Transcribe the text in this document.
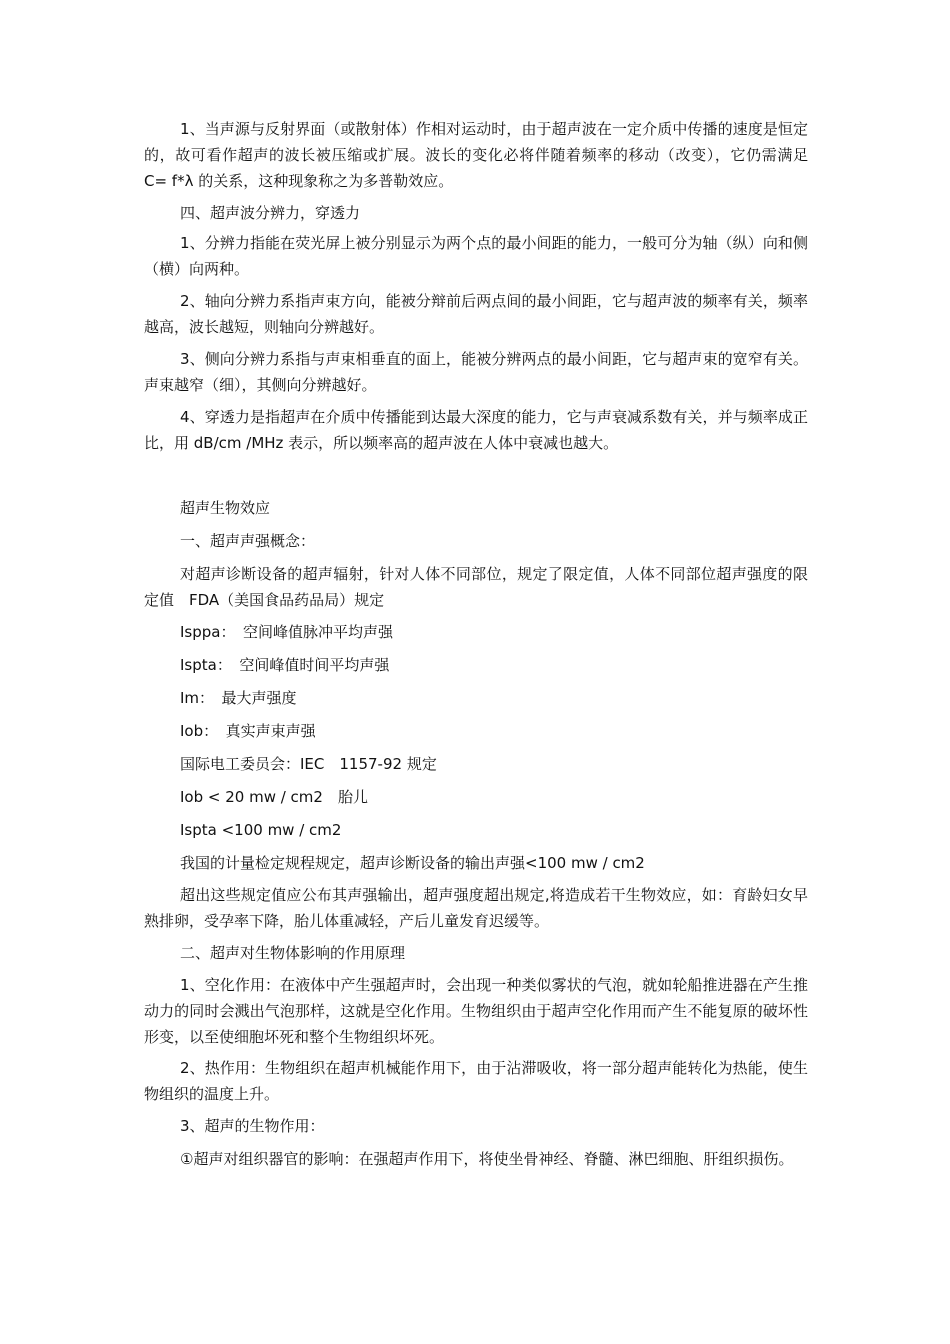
1、当声源与反射界面（或散射体）作相对运动时，由于超声波在一定介质中传播的速度是恒定的，故可看作超声的波长被压缩或扩展。波长的变化必将伴随着频率的移动（改变），它仍需满足 C= f*λ 的关系，这种现象称之为多普勒效应。

四、超声波分辨力，穿透力

1、分辨力指能在荧光屏上被分别显示为两个点的最小间距的能力，一般可分为轴（纵）向和侧（横）向两种。

2、轴向分辨力系指声束方向，能被分辩前后两点间的最小间距，它与超声波的频率有关，频率越高，波长越短，则轴向分辨越好。

3、侧向分辨力系指与声束相垂直的面上，能被分辨两点的最小间距，它与超声束的宽窄有关。声束越窄（细），其侧向分辨越好。

4、穿透力是指超声在介质中传播能到达最大深度的能力，它与声衰减系数有关，并与频率成正比，用 dB/cm /MHz 表示，所以频率高的超声波在人体中衰减也越大。

超声生物效应

一、超声声强概念：

对超声诊断设备的超声辐射，针对人体不同部位，规定了限定值，人体不同部位超声强度的限定值　FDA（美国食品药品局）规定

Isppa：　空间峰值脉冲平均声强

Ispta：　空间峰值时间平均声强

Im：　最大声强度

Iob：　真实声束声强

国际电工委员会：IEC　1157-92 规定

Iob < 20 mw / cm2　胎儿

Ispta <100 mw / cm2

我国的计量检定规程规定，超声诊断设备的输出声强<100 mw / cm2

超出这些规定值应公布其声强输出，超声强度超出规定,将造成若干生物效应，如：育龄妇女早熟排卵，受孕率下降，胎儿体重减轻，产后儿童发育迟缓等。

二、超声对生物体影响的作用原理

1、空化作用：在液体中产生强超声时，会出现一种类似雾状的气泡，就如轮船推进器在产生推动力的同时会溅出气泡那样，这就是空化作用。生物组织由于超声空化作用而产生不能复原的破坏性形变，以至使细胞坏死和整个生物组织坏死。

2、热作用：生物组织在超声机械能作用下，由于沾滞吸收，将一部分超声能转化为热能，使生物组织的温度上升。

3、超声的生物作用：

①超声对组织器官的影响：在强超声作用下，将使坐骨神经、脊髓、淋巴细胞、肝组织损伤。
